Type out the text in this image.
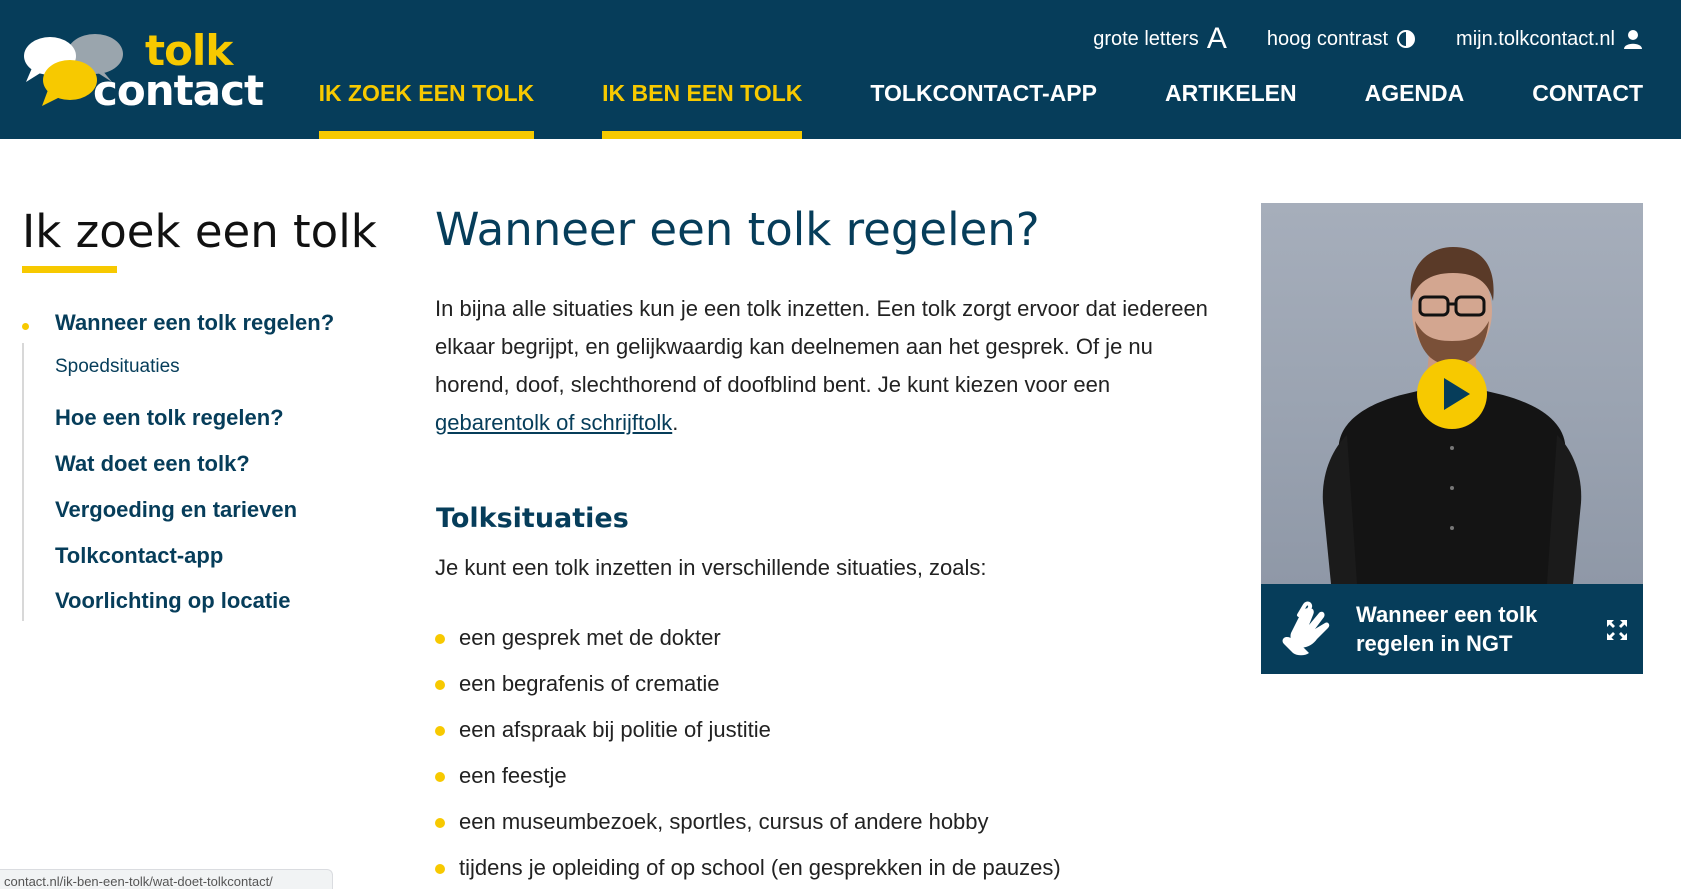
tolk
contact
grote letters A hoog contrast	mijn.tolkcontact.nl
IK ZOEK EEN TOLK	IK BEN EEN TOLK	TOLKCONTACT-APP	ARTIKELEN	AGENDA	CONTACT
Ik zoek een tolk
Wanneer een tolk regelen?
Spoedsituaties
Hoe een tolk regelen?
Wat doet een tolk?
Vergoeding en tarieven
Tolkcontact-app
Voorlichting op locatie
Wanneer een tolk regelen?

In bijna alle situaties kun je een tolk inzetten. Een tolk zorgt ervoor dat iedereen elkaar begrijpt, en gelijkwaardig kan deelnemen aan het gesprek. Of je nu horend, doof, slechthorend of doofblind bent. Je kunt kiezen voor een
gebarentolk of schrijftolk.

Tolksituaties

Je kunt een tolk inzetten in verschillende situaties, zoals:

een gesprek met de dokter
een begrafenis of crematie
een afspraak bij politie of justitie
een feestje
een museumbezoek, sportles, cursus of andere hobby
tijdens je opleiding of op school (en gesprekken in de pauzes)
Wanneer een tolk regelen in NGT
contact.nl/ik-ben-een-tolk/wat-doet-tolkcontact/
